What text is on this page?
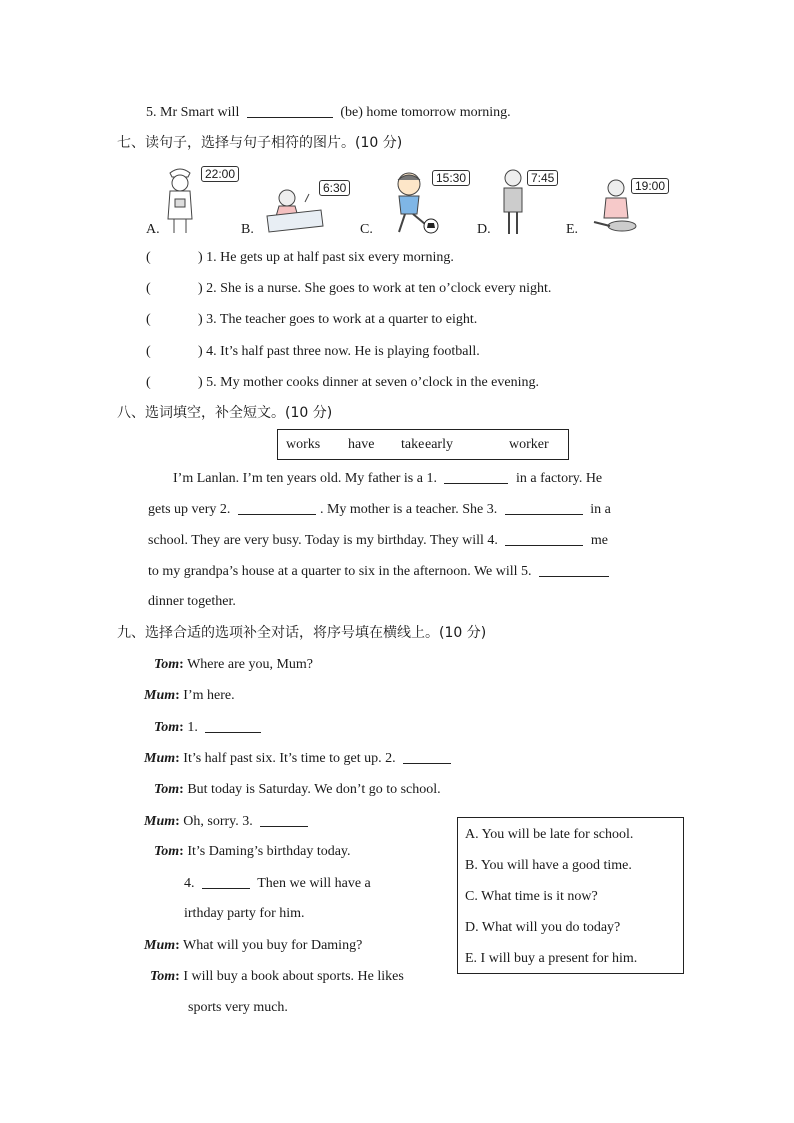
5. Mr Smart will	(be) home tomorrow morning.
七、读句子，选择与句子相符的图片。(10 分)
22:00
A.
6:30
B.
15:30
C.
7:45
D.
19:00
E.
(	) 1. He gets up at half past six every morning.
(	) 2. She is a nurse. She goes to work at ten o’clock every night.
(	) 3. The teacher goes to work at a quarter to eight.
(	) 4. It’s half past three now. He is playing football.
(	) 5. My mother cooks dinner at seven o’clock in the evening.
八、选词填空，补全短文。(10 分)
works have take early	worker
I’m Lanlan. I’m ten years old. My father is a 1.	in a factory. He
gets up very 2.	. My mother is a teacher. She 3.	in a
school. They are very busy. Today is my birthday. They will 4.	me
to my grandpa’s house at a quarter to six in the afternoon. We will 5.
dinner together.
九、选择合适的选项补全对话，将序号填在横线上。(10 分)
Tom: Where are you, Mum?
Mum: I’m here.
Tom: 1.
Mum: It’s half past six. It’s time to get up. 2.
Tom: But today is Saturday. We don’t go to school.
Mum: Oh, sorry. 3.
Tom: It’s Daming’s birthday today.
4.	Then we will have a
irthday party for him.
Mum: What will you buy for Daming?
Tom: I will buy a book about sports. He likes
sports very much.
A. You will be late for school.
B. You will have a good time.
C. What time is it now?
D. What will you do today?
E. I will buy a present for him.
